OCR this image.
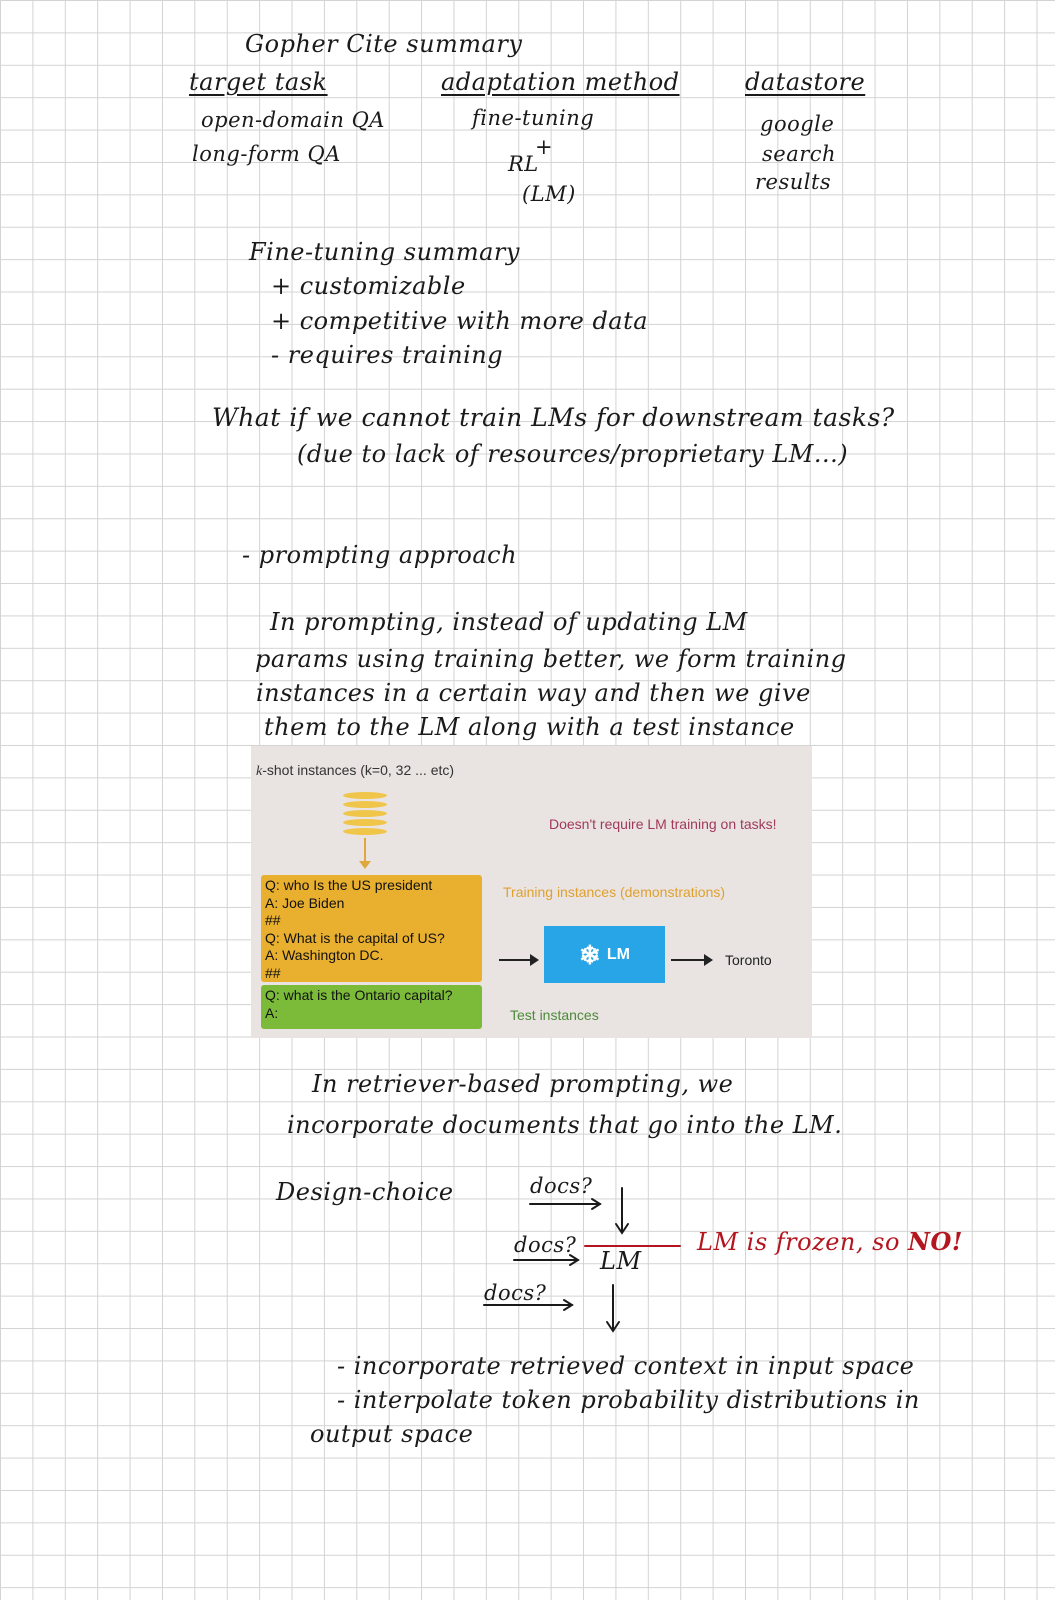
Gopher Cite summary
target task
open-domain QA
long-form QA
adaptation method
fine-tuning
+
RL
(LM)
datastore
google
search
results
Fine-tuning summary
+ customizable
+ competitive with more data
- requires training
What if we cannot train LMs for downstream tasks?
(due to lack of resources/proprietary LM...)
- prompting approach
In prompting, instead of updating LM
params using training better, we form training
instances in a certain way and then we give
them to the LM along with a test instance
k-shot instances (k=0, 32 ... etc)
Doesn't require LM training on tasks!
Q: who Is the US president
A: Joe Biden
##
Q: What is the capital of US?
A: Washington DC.
##
Q: what is the Ontario capital?
A:
Training instances (demonstrations)
Test instances
❄ LM	Toronto
In retriever-based prompting, we
incorporate documents that go into the LM.
Design-choice	docs?
docs?
docs?
LM
LM is frozen, so NO!
- incorporate retrieved context in input space
- interpolate token probability distributions in
output space
